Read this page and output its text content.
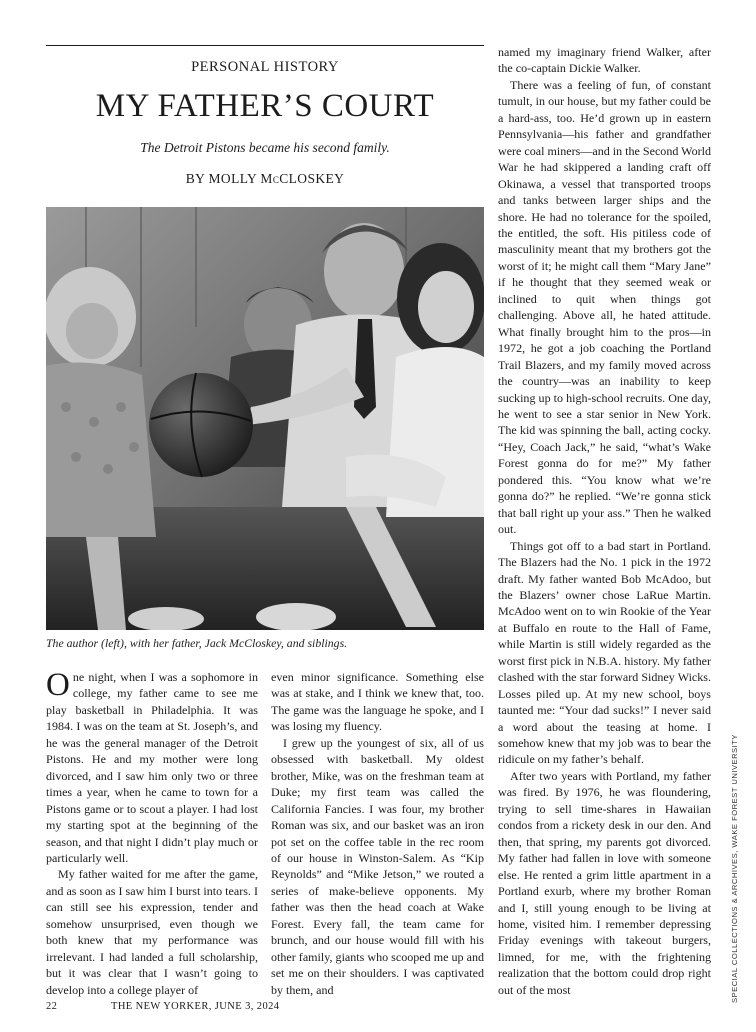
PERSONAL HISTORY
MY FATHER’S COURT
The Detroit Pistons became his second family.
BY MOLLY McCLOSKEY
The author (left), with her father, Jack McCloskey, and siblings.

One night, when I was a sophomore in college, my father came to see me play basketball in Philadelphia. It was 1984. I was on the team at St. Joseph’s, and he was the general manager of the Detroit Pistons. He and my mother were long divorced, and I saw him only two or three times a year, when he came to town for a Pistons game or to scout a player. I had lost my starting spot at the beginning of the season, and that night I didn’t play much or particularly well.

My father waited for me after the game, and as soon as I saw him I burst into tears. I can still see his expression, tender and somehow unsurprised, even though we both knew that my performance was irrelevant. I had landed a full scholarship, but it was clear that I wasn’t going to develop into a college player of

even minor significance. Something else was at stake, and I think we knew that, too. The game was the language he spoke, and I was losing my fluency.

I grew up the youngest of six, all of us obsessed with basketball. My oldest brother, Mike, was on the freshman team at Duke; my first team was called the California Fancies. I was four, my brother Roman was six, and our basket was an iron pot set on the coffee table in the rec room of our house in Winston-Salem. As “Kip Reynolds” and “Mike Jetson,” we routed a series of make-believe opponents. My father was then the head coach at Wake Forest. Every fall, the team came for brunch, and our house would fill with his other family, giants who scooped me up and set me on their shoulders. I was captivated by them, and

named my imaginary friend Walker, after the co-captain Dickie Walker.

There was a feeling of fun, of constant tumult, in our house, but my father could be a hard-ass, too. He’d grown up in eastern Pennsylvania—his father and grandfather were coal miners—and in the Second World War he had skippered a landing craft off Okinawa, a vessel that transported troops and tanks between larger ships and the shore. He had no tolerance for the spoiled, the entitled, the soft. His pitiless code of masculinity meant that my brothers got the worst of it; he might call them “Mary Jane” if he thought that they seemed weak or inclined to quit when things got challenging. Above all, he hated attitude. What finally brought him to the pros—in 1972, he got a job coaching the Portland Trail Blazers, and my family moved across the country—was an inability to keep sucking up to high-school recruits. One day, he went to see a star senior in New York. The kid was spinning the ball, acting cocky. “Hey, Coach Jack,” he said, “what’s Wake Forest gonna do for me?” My father pondered this. “You know what we’re gonna do?” he replied. “We’re gonna stick that ball right up your ass.” Then he walked out.

Things got off to a bad start in Portland. The Blazers had the No. 1 pick in the 1972 draft. My father wanted Bob McAdoo, but the Blazers’ owner chose LaRue Martin. McAdoo went on to win Rookie of the Year at Buffalo en route to the Hall of Fame, while Martin is still widely regarded as the worst first pick in N.B.A. history. My father clashed with the star forward Sidney Wicks. Losses piled up. At my new school, boys taunted me: “Your dad sucks!” I never said a word about the teasing at home. I somehow knew that my job was to bear the ridicule on my father’s behalf.

After two years with Portland, my father was fired. By 1976, he was floundering, trying to sell time-shares in Hawaiian condos from a rickety desk in our den. And then, that spring, my parents got divorced. My father had fallen in love with someone else. He rented a grim little apartment in a Portland exurb, where my brother Roman and I, still young enough to be living at home, visited him. I remember depressing Friday evenings with takeout burgers, limned, for me, with the frightening realization that the bottom could drop right out of the most

22	THE NEW YORKER, JUNE 3, 2024
SPECIAL COLLECTIONS & ARCHIVES, WAKE FOREST UNIVERSITY
